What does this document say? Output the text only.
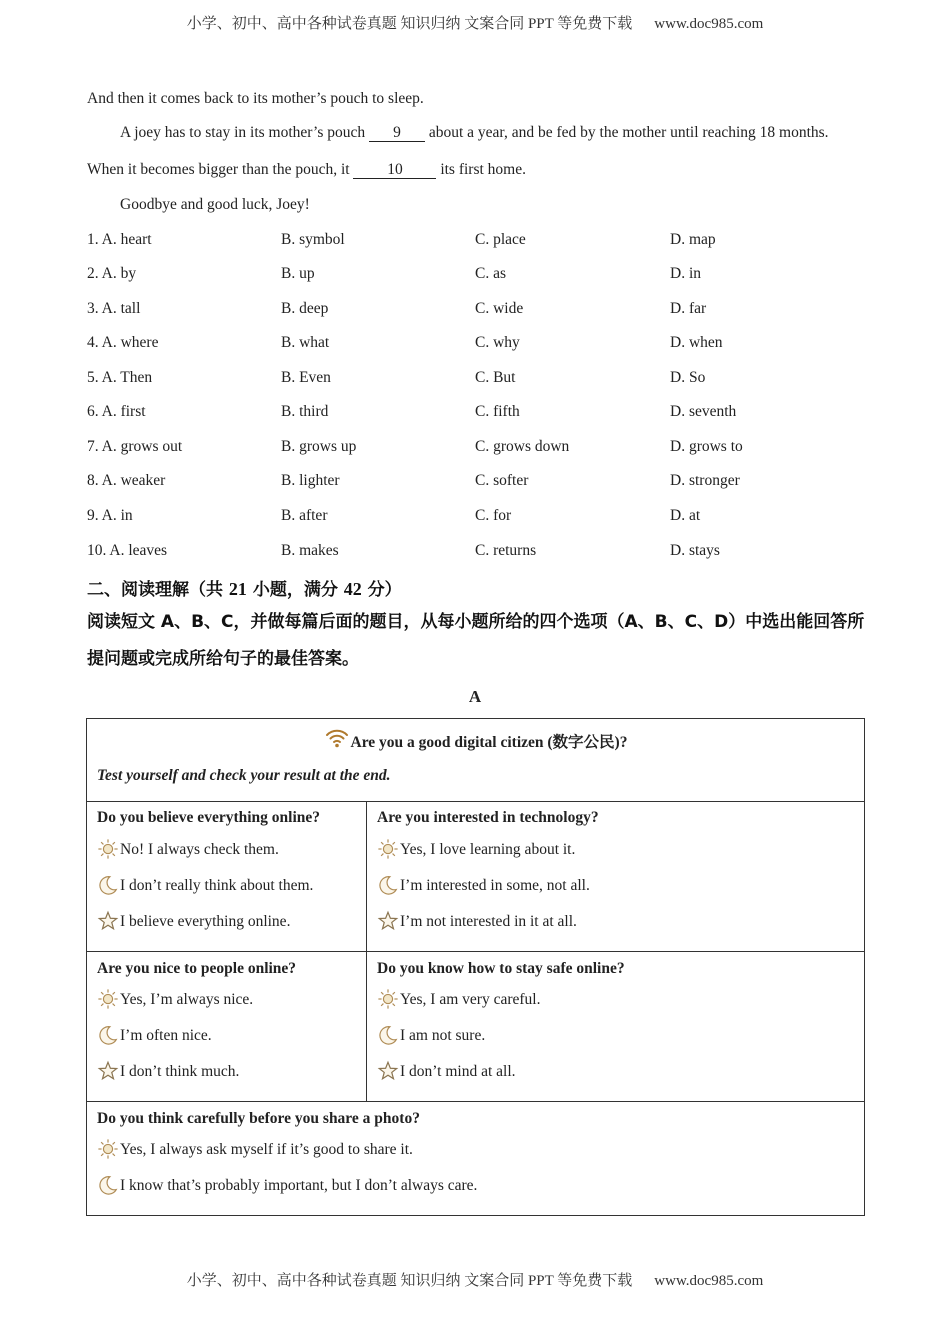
小学、初中、高中各种试卷真题 知识归纳 文案合同 PPT 等免费下载 www.doc985.com
And then it comes back to its mother’s pouch to sleep.
A joey has to stay in its mother’s pouch 9 about a year, and be fed by the mother until reaching 18 months.
When it becomes bigger than the pouch, it 10 its first home.
Goodbye and good luck, Joey!
1. A. heart	B. symbol	C. place	D. map
2. A. by	B. up	C. as	D. in
3. A. tall	B. deep	C. wide	D. far
4. A. where	B. what	C. why	D. when
5. A. Then	B. Even	C. But	D. So
6. A. first	B. third	C. fifth	D. seventh
7. A. grows out	B. grows up	C. grows down	D. grows to
8. A. weaker	B. lighter	C. softer	D. stronger
9. A. in	B. after	C. for	D. at
10. A. leaves	B. makes	C. returns	D. stays
二、阅读理解（共 21 小题，满分 42 分）
阅读短文 A、B、C，并做每篇后面的题目，从每小题所给的四个选项（A、B、C、D）中选出能回答所提问题或完成所给句子的最佳答案。
A
Are you a good digital citizen (数字公民)?
Test yourself and check your result at the end.
Do you believe everything online?
No! I always check them.
I don’t really think about them.
I believe everything online.
Are you interested in technology?
Yes, I love learning about it.
I’m interested in some, not all.
I’m not interested in it at all.
Are you nice to people online?
Yes, I’m always nice.
I’m often nice.
I don’t think much.
Do you know how to stay safe online?
Yes, I am very careful.
I am not sure.
I don’t mind at all.
Do you think carefully before you share a photo?
Yes, I always ask myself if it’s good to share it.
I know that’s probably important, but I don’t always care.
小学、初中、高中各种试卷真题 知识归纳 文案合同 PPT 等免费下载 www.doc985.com
